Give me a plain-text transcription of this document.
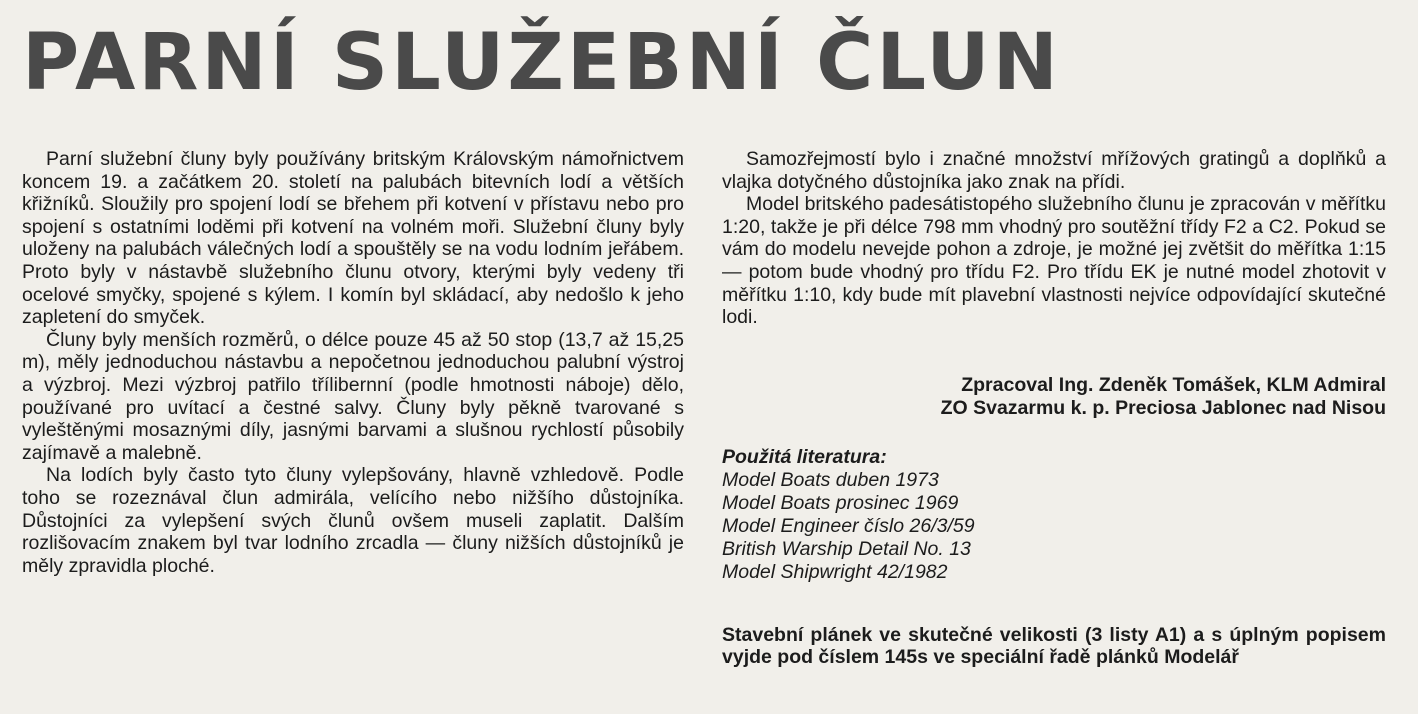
PARNÍ SLUŽEBNÍ ČLUN

Parní služební čluny byly používány britským Královským námořnictvem koncem 19. a začátkem 20. století na palubách bitevních lodí a větších křižníků. Sloužily pro spojení lodí se břehem při kotvení v přístavu nebo pro spojení s ostatními loděmi při kotvení na volném moři. Služební čluny byly uloženy na palubách válečných lodí a spouštěly se na vodu lodním jeřábem. Proto byly v nástavbě služebního člunu otvory, kterými byly vedeny tři ocelové smyčky, spojené s kýlem. I komín byl skládací, aby nedošlo k jeho zapletení do smyček.

Čluny byly menších rozměrů, o délce pouze 45 až 50 stop (13,7 až 15,25 m), měly jednoduchou nástavbu a nepočetnou jednoduchou palubní výstroj a výzbroj. Mezi výzbroj patřilo třílibernní (podle hmotnosti náboje) dělo, používané pro uvítací a čestné salvy. Čluny byly pěkně tvarované s vyleštěnými mosaznými díly, jasnými barvami a slušnou rychlostí působily zajímavě a malebně.

Na lodích byly často tyto čluny vylepšovány, hlavně vzhledově. Podle toho se rozeznával člun admirála, velícího nebo nižšího důstojníka. Důstojníci za vylepšení svých člunů ovšem museli zaplatit. Dalším rozlišovacím znakem byl tvar lodního zrcadla — čluny nižších důstojníků je měly zpravidla ploché.

Samozřejmostí bylo i značné množství mřížových gratingů a doplňků a vlajka dotyčného důstojníka jako znak na přídi.

Model britského padesátistopého služebního člunu je zpracován v měřítku 1:20, takže je při délce 798 mm vhodný pro soutěžní třídy F2 a C2. Pokud se vám do modelu nevejde pohon a zdroje, je možné jej zvětšit do měřítka 1:15 — potom bude vhodný pro třídu F2. Pro třídu EK je nutné model zhotovit v měřítku 1:10, kdy bude mít plavební vlastnosti nejvíce odpovídající skutečné lodi.

Zpracoval Ing. Zdeněk Tomášek, KLM Admiral
ZO Svazarmu k. p. Preciosa Jablonec nad Nisou
Použitá literatura:
Model Boats duben 1973
Model Boats prosinec 1969
Model Engineer číslo 26/3/59
British Warship Detail No. 13
Model Shipwright 42/1982
Stavební plánek ve skutečné velikosti (3 listy A1) a s úplným popisem vyjde pod číslem 145s ve speciální řadě plánků Modelář
